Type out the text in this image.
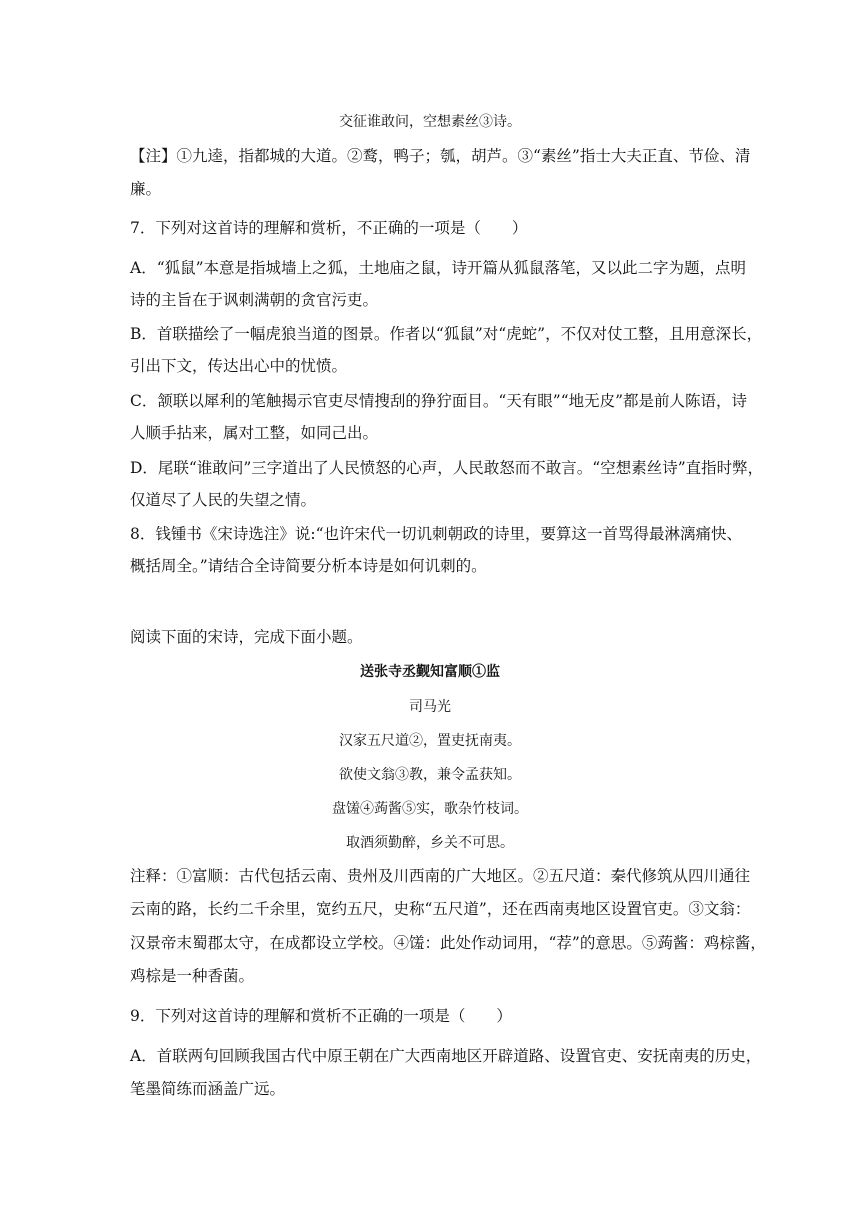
交征谁敢问，空想素丝③诗。
【注】①九逵，指都城的大道。②鹜，鸭子；瓠，胡芦。③“素丝”指士大夫正直、节俭、清
廉。
7．下列对这首诗的理解和赏析，不正确的一项是（　　）
A．“狐鼠”本意是指城墙上之狐，土地庙之鼠，诗开篇从狐鼠落笔，又以此二字为题，点明
诗的主旨在于讽刺满朝的贪官污吏。
B．首联描绘了一幅虎狼当道的图景。作者以“狐鼠”对“虎蛇”，不仅对仗工整，且用意深长，
引出下文，传达出心中的忧愤。
C．颔联以犀利的笔触揭示官吏尽情搜刮的狰狞面目。“天有眼”“地无皮”都是前人陈语，诗
人顺手拈来，属对工整，如同己出。
D．尾联“谁敢问”三字道出了人民愤怒的心声，人民敢怒而不敢言。“空想素丝诗”直指时弊，
仅道尽了人民的失望之情。
8．钱锺书《宋诗选注》说:“也许宋代一切讥刺朝政的诗里，要算这一首骂得最淋漓痛快、
概括周全。”请结合全诗简要分析本诗是如何讥刺的。
阅读下面的宋诗，完成下面小题。
送张寺丞觐知富顺①监
司马光
汉家五尺道②，置吏抚南夷。
欲使文翁③教，兼令孟获知。
盘馐④蒟酱⑤实，歌杂竹枝词。
取酒须勤醉，乡关不可思。
注释：①富顺：古代包括云南、贵州及川西南的广大地区。②五尺道：秦代修筑从四川通往
云南的路，长约二千余里，宽约五尺，史称“五尺道”，还在西南夷地区设置官吏。③文翁：
汉景帝末蜀郡太守，在成都设立学校。④馐：此处作动词用，“荐”的意思。⑤蒟酱：鸡棕酱，
鸡棕是一种香菌。
9．下列对这首诗的理解和赏析不正确的一项是（　　）
A．首联两句回顾我国古代中原王朝在广大西南地区开辟道路、设置官吏、安抚南夷的历史，
笔墨简练而涵盖广远。
